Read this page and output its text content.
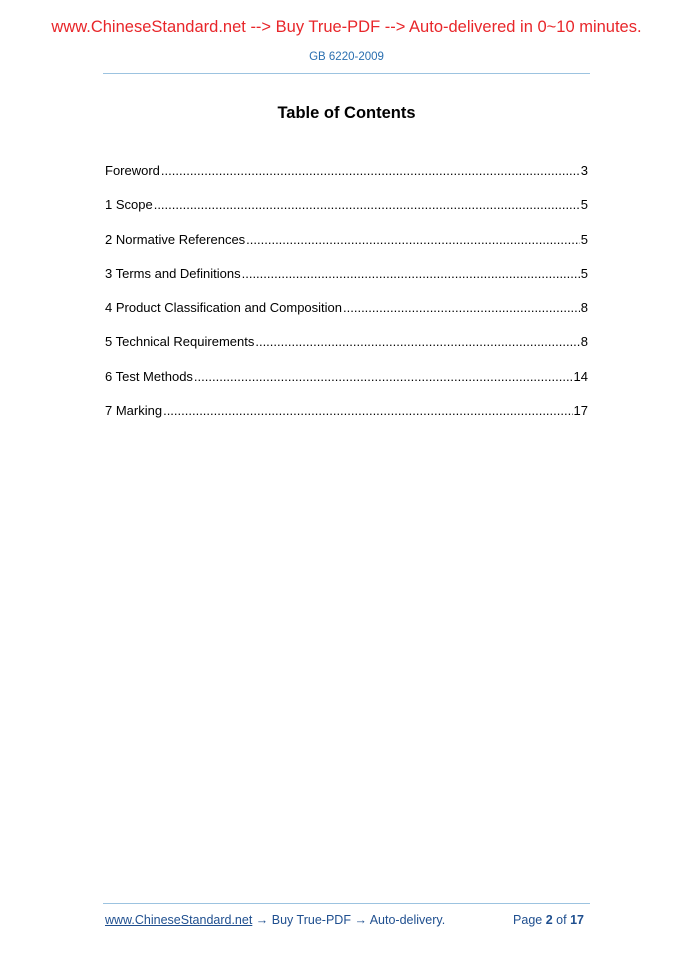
www.ChineseStandard.net --> Buy True-PDF --> Auto-delivered in 0~10 minutes.
GB 6220-2009
Table of Contents
Foreword .....	3
1 Scope .....	5
2 Normative References .....	5
3 Terms and Definitions .....	5
4 Product Classification and Composition .....	8
5 Technical Requirements .....	8
6 Test Methods .....	14
7 Marking .....	17
www.ChineseStandard.net → Buy True-PDF → Auto-delivery.	Page 2 of 17
